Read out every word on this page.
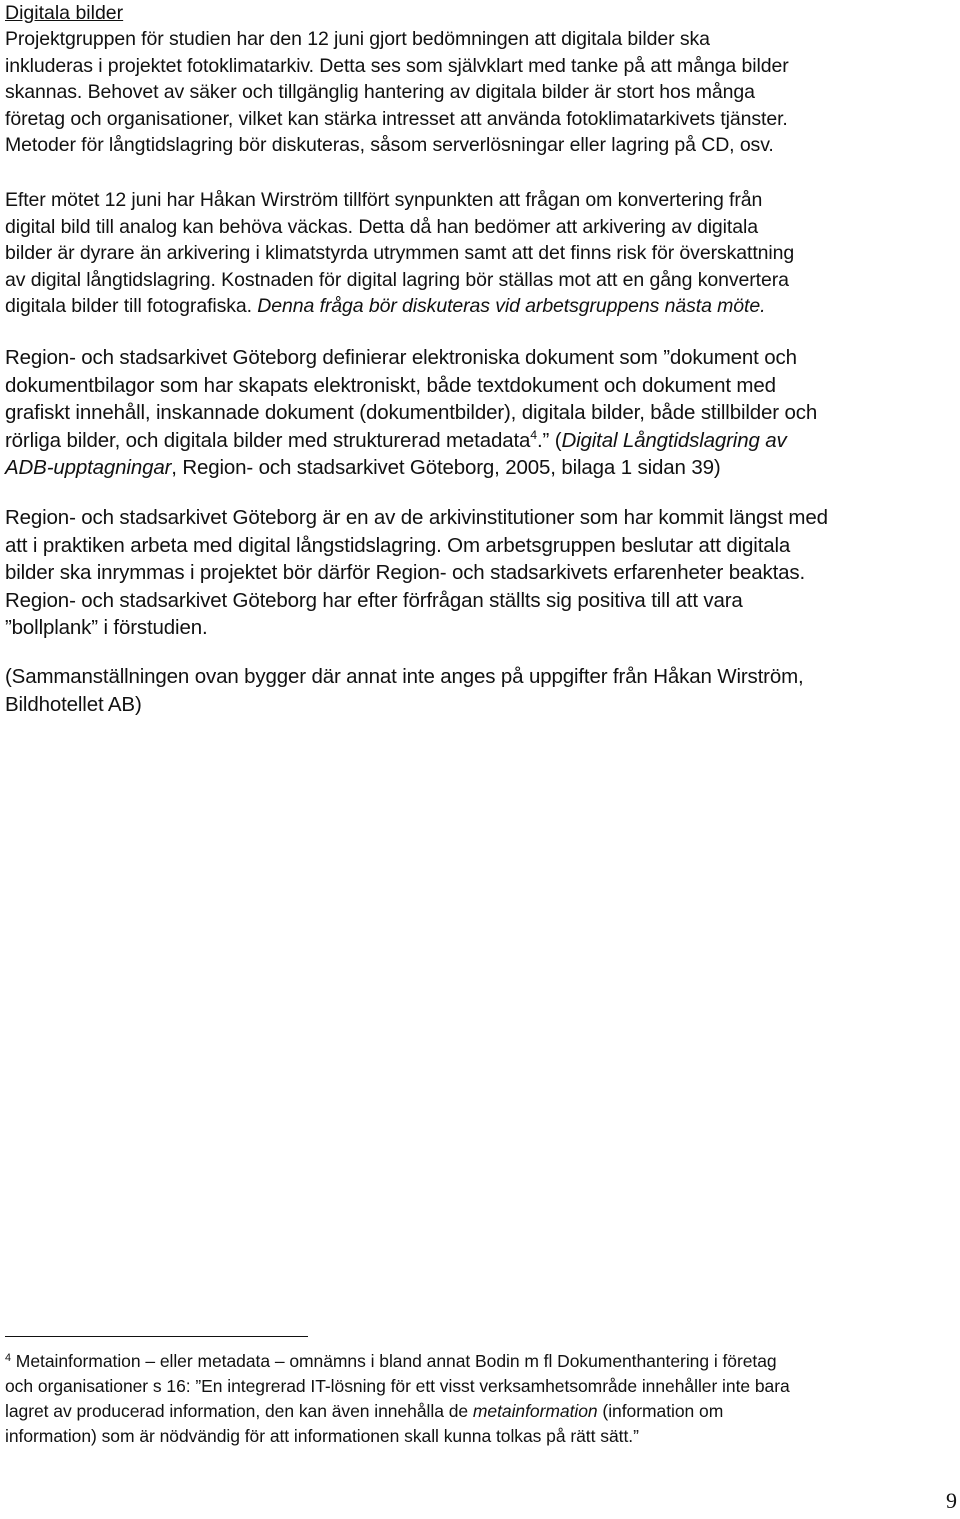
Digitala bilder

Projektgruppen för studien har den 12 juni gjort bedömningen att digitala bilder ska
inkluderas i projektet fotoklimatarkiv. Detta ses som självklart med tanke på att många bilder
skannas. Behovet av säker och tillgänglig hantering av digitala bilder är stort hos många
företag och organisationer, vilket kan stärka intresset att använda fotoklimatarkivets tjänster.
Metoder för långtidslagring bör diskuteras, såsom serverlösningar eller lagring på CD, osv.

Efter mötet 12 juni har Håkan Wirström tillfört synpunkten att frågan om konvertering från
digital bild till analog kan behöva väckas. Detta då han bedömer att arkivering av digitala
bilder är dyrare än arkivering i klimatstyrda utrymmen samt att det finns risk för överskattning
av digital långtidslagring. Kostnaden för digital lagring bör ställas mot att en gång konvertera
digitala bilder till fotografiska. Denna fråga bör diskuteras vid arbetsgruppens nästa möte.

Region- och stadsarkivet Göteborg definierar elektroniska dokument som ”dokument och
dokumentbilagor som har skapats elektroniskt, både textdokument och dokument med
grafiskt innehåll, inskannade dokument (dokumentbilder), digitala bilder, både stillbilder och
rörliga bilder, och digitala bilder med strukturerad metadata$^4$.” (Digital Långtidslagring av
ADB-upptagningar, Region- och stadsarkivet Göteborg, 2005, bilaga 1 sidan 39)

Region- och stadsarkivet Göteborg är en av de arkivinstitutioner som har kommit längst med
att i praktiken arbeta med digital långstidslagring. Om arbetsgruppen beslutar att digitala
bilder ska inrymmas i projektet bör därför Region- och stadsarkivets erfarenheter beaktas.
Region- och stadsarkivet Göteborg har efter förfrågan ställts sig positiva till att vara
”bollplank” i förstudien.

(Sammanställningen ovan bygger där annat inte anges på uppgifter från Håkan Wirström,
Bildhotellet AB)

$^4$ Metainformation – eller metadata – omnämns i bland annat Bodin m fl Dokumenthantering i företag
och organisationer s 16: ”En integrerad IT-lösning för ett visst verksamhetsområde innehåller inte bara
lagret av producerad information, den kan även innehålla de metainformation (information om
information) som är nödvändig för att informationen skall kunna tolkas på rätt sätt.”

9
